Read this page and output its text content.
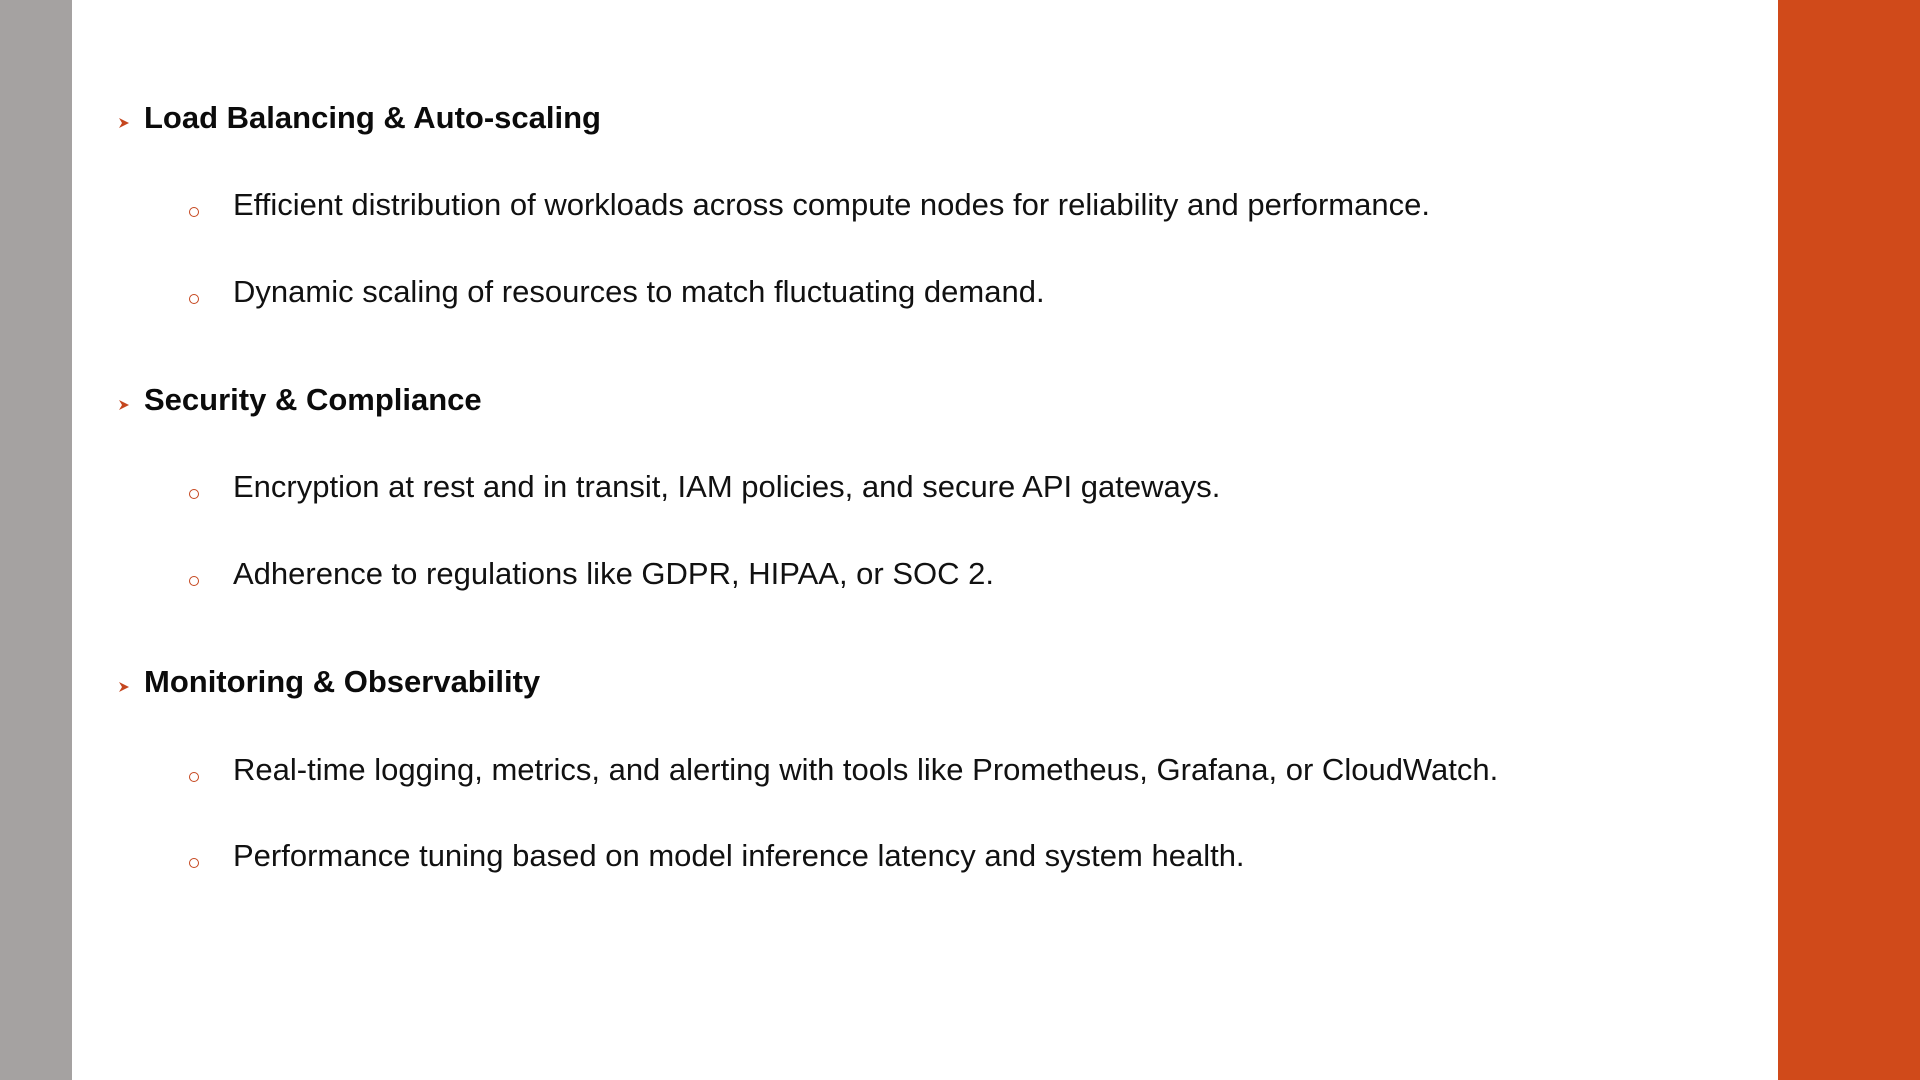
Load Balancing & Auto-scaling
Efficient distribution of workloads across compute nodes for reliability and performance.
Dynamic scaling of resources to match fluctuating demand.
Security & Compliance
Encryption at rest and in transit, IAM policies, and secure API gateways.
Adherence to regulations like GDPR, HIPAA, or SOC 2.
Monitoring & Observability
Real-time logging, metrics, and alerting with tools like Prometheus, Grafana, or CloudWatch.
Performance tuning based on model inference latency and system health.
